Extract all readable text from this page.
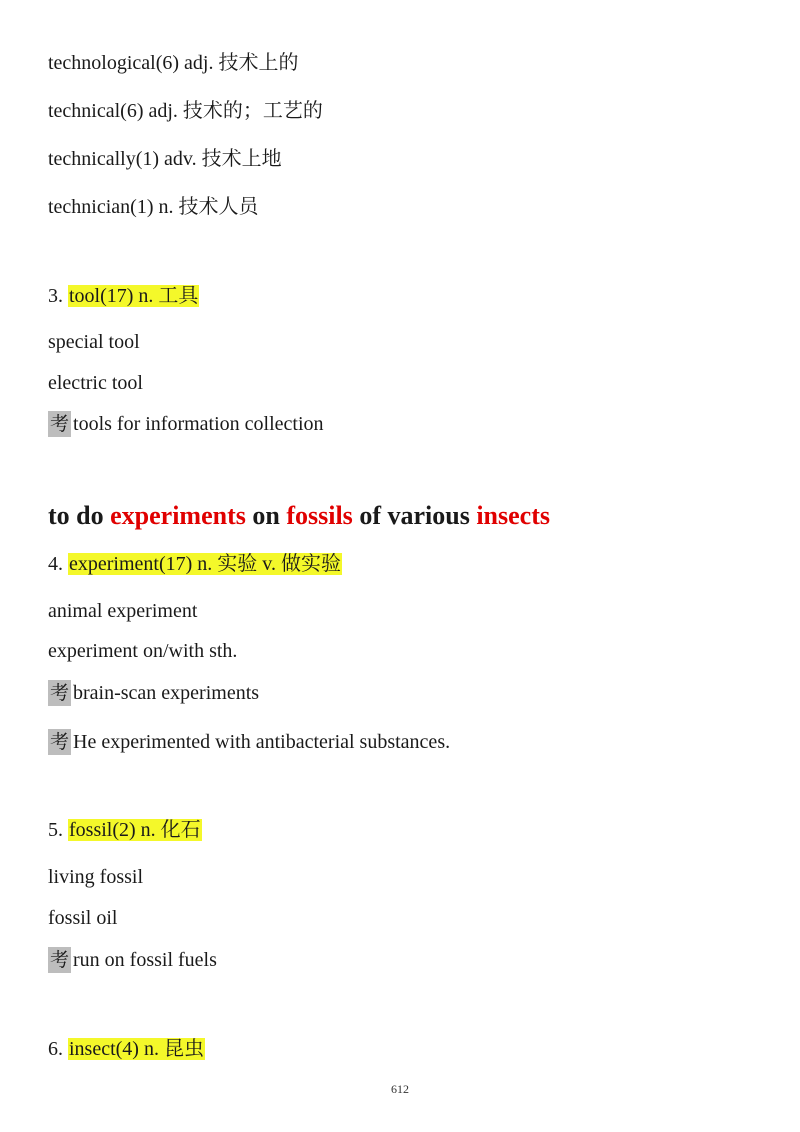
technological(6) adj. 技术上的
technical(6) adj. 技术的；工艺的
technically(1) adv. 技术上地
technician(1) n. 技术人员
3. tool(17) n. 工具
special tool
electric tool
考 tools for information collection
to do experiments on fossils of various insects
4. experiment(17) n. 实验 v. 做实验
animal experiment
experiment on/with sth.
考 brain-scan experiments
考 He experimented with antibacterial substances.
5. fossil(2) n. 化石
living fossil
fossil oil
考 run on fossil fuels
6. insect(4) n. 昆虫
612
